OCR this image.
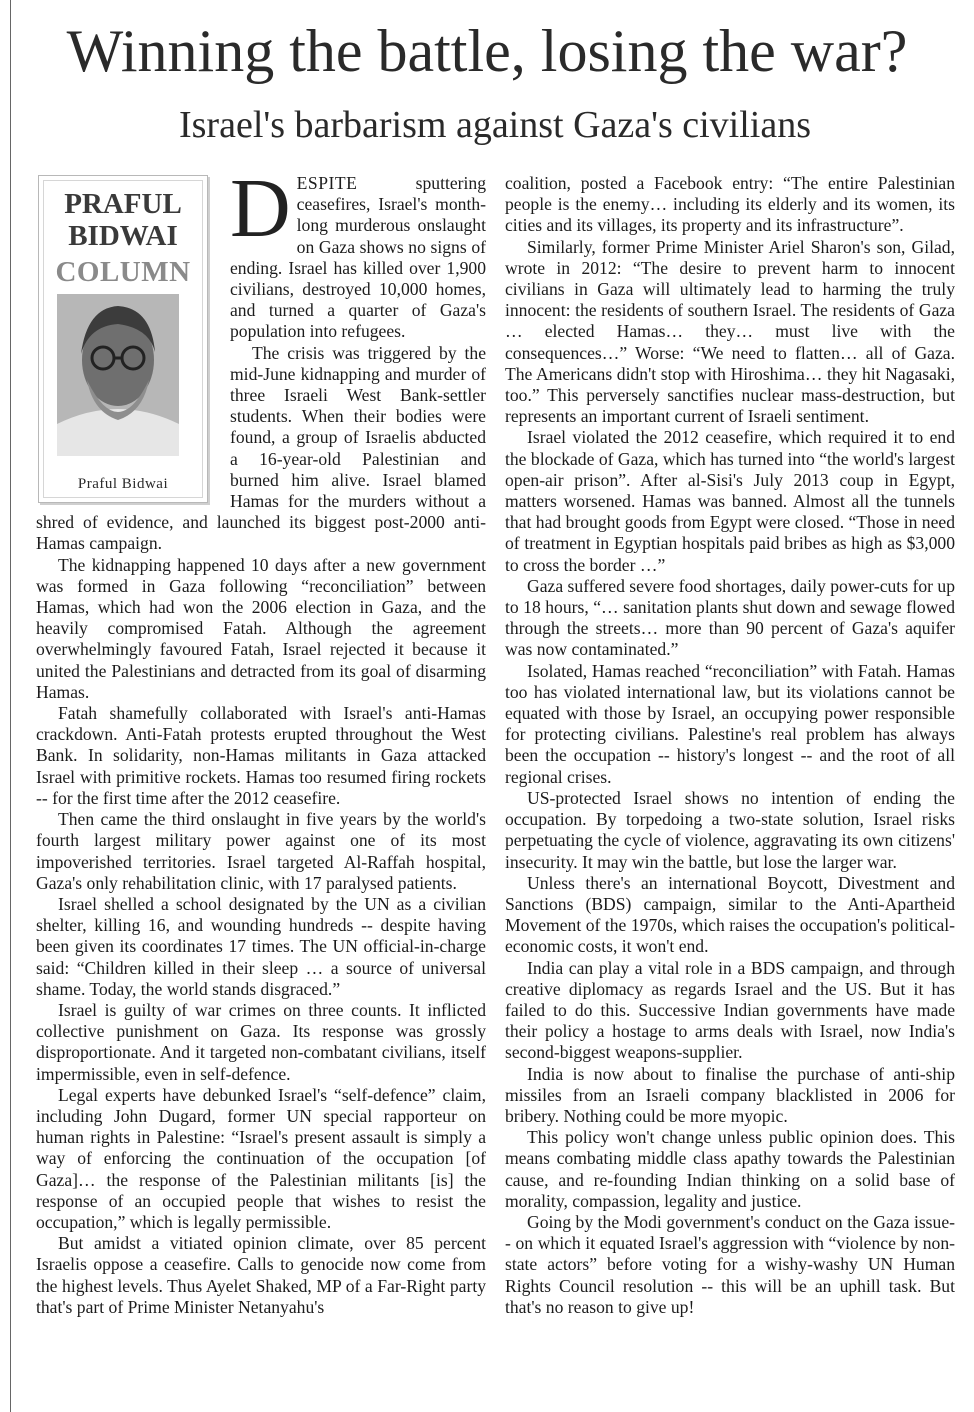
Winning the battle, losing the war?
Israel's barbarism against Gaza's civilians
PRAFUL
BIDWAI
COLUMN
Praful Bidwai

DESPITE sputtering ceasefires, Israel's month-long murderous onslaught on Gaza shows no signs of ending. Israel has killed over 1,900 civilians, destroyed 10,000 homes, and turned a quarter of Gaza's population into refugees.

The crisis was triggered by the mid-June kidnapping and murder of three Israeli West Bank-settler students. When their bodies were found, a group of Israelis abducted a 16-year-old Palestinian and burned him alive. Israel blamed Hamas for the murders without a shred of evidence, and launched its biggest post-2000 anti-Hamas campaign.

The kidnapping happened 10 days after a new government was formed in Gaza following “reconciliation” between Hamas, which had won the 2006 election in Gaza, and the heavily compromised Fatah. Although the agreement overwhelmingly favoured Fatah, Israel rejected it because it united the Palestinians and detracted from its goal of disarming Hamas.

Fatah shamefully collaborated with Israel's anti-Hamas crackdown. Anti-Fatah protests erupted throughout the West Bank. In solidarity, non-Hamas militants in Gaza attacked Israel with primitive rockets. Hamas too resumed firing rockets -- for the first time after the 2012 ceasefire.

Then came the third onslaught in five years by the world's fourth largest military power against one of its most impoverished territories. Israel targeted Al-Raffah hospital, Gaza's only rehabilitation clinic, with 17 paralysed patients.

Israel shelled a school designated by the UN as a civilian shelter, killing 16, and wounding hundreds -- despite having been given its coordinates 17 times. The UN official-in-charge said: “Children killed in their sleep … a source of universal shame. Today, the world stands disgraced.”

Israel is guilty of war crimes on three counts. It inflicted collective punishment on Gaza. Its response was grossly disproportionate. And it targeted non-combatant civilians, itself impermissible, even in self-defence.

Legal experts have debunked Israel's “self-defence” claim, including John Dugard, former UN special rapporteur on human rights in Palestine: “Israel's present assault is simply a way of enforcing the continuation of the occupation [of Gaza]… the response of the Palestinian militants [is] the response of an occupied people that wishes to resist the occupation,” which is legally permissible.

But amidst a vitiated opinion climate, over 85 percent Israelis oppose a ceasefire. Calls to genocide now come from the highest levels. Thus Ayelet Shaked, MP of a Far-Right party that's part of Prime Minister Netanyahu's

coalition, posted a Facebook entry: “The entire Palestinian people is the enemy… including its elderly and its women, its cities and its villages, its property and its infrastructure”.

Similarly, former Prime Minister Ariel Sharon's son, Gilad, wrote in 2012: “The desire to prevent harm to innocent civilians in Gaza will ultimately lead to harming the truly innocent: the residents of southern Israel. The residents of Gaza … elected Hamas… they… must live with the consequences…” Worse: “We need to flatten… all of Gaza. The Americans didn't stop with Hiroshima… they hit Nagasaki, too.” This perversely sanctifies nuclear mass-destruction, but represents an important current of Israeli sentiment.

Israel violated the 2012 ceasefire, which required it to end the blockade of Gaza, which has turned into “the world's largest open-air prison”. After al-Sisi's July 2013 coup in Egypt, matters worsened. Hamas was banned. Almost all the tunnels that had brought goods from Egypt were closed. “Those in need of treatment in Egyptian hospitals paid bribes as high as $3,000 to cross the border …”

Gaza suffered severe food shortages, daily power-cuts for up to 18 hours, “… sanitation plants shut down and sewage flowed through the streets… more than 90 percent of Gaza's aquifer was now contaminated.”

Isolated, Hamas reached “reconciliation” with Fatah. Hamas too has violated international law, but its violations cannot be equated with those by Israel, an occupying power responsible for protecting civilians. Palestine's real problem has always been the occupation -- history's longest -- and the root of all regional crises.

US-protected Israel shows no intention of ending the occupation. By torpedoing a two-state solution, Israel risks perpetuating the cycle of violence, aggravating its own citizens' insecurity. It may win the battle, but lose the larger war.

Unless there's an international Boycott, Divestment and Sanctions (BDS) campaign, similar to the Anti-Apartheid Movement of the 1970s, which raises the occupation's political-economic costs, it won't end.

India can play a vital role in a BDS campaign, and through creative diplomacy as regards Israel and the US. But it has failed to do this. Successive Indian governments have made their policy a hostage to arms deals with Israel, now India's second-biggest weapons-supplier.

India is now about to finalise the purchase of anti-ship missiles from an Israeli company blacklisted in 2006 for bribery. Nothing could be more myopic.

This policy won't change unless public opinion does. This means combating middle class apathy towards the Palestinian cause, and re-founding Indian thinking on a solid base of morality, compassion, legality and justice.

Going by the Modi government's conduct on the Gaza issue-- on which it equated Israel's aggression with “violence by non-state actors” before voting for a wishy-washy UN Human Rights Council resolution -- this will be an uphill task. But that's no reason to give up!
